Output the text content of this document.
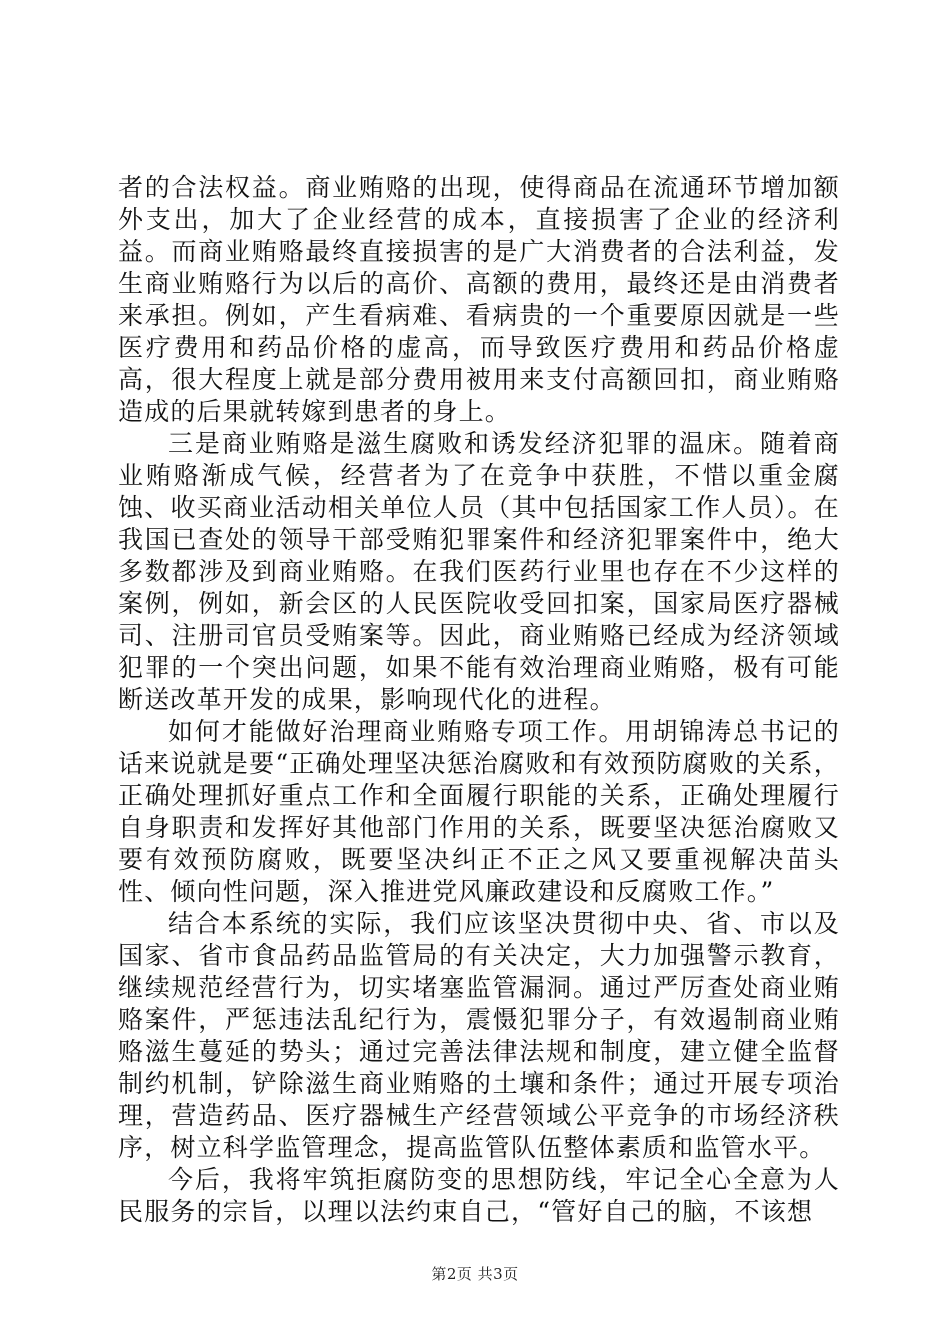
者的合法权益。商业贿赂的出现，使得商品在流通环节增加额外支出，加大了企业经营的成本，直接损害了企业的经济利益。而商业贿赂最终直接损害的是广大消费者的合法利益，发生商业贿赂行为以后的高价、高额的费用，最终还是由消费者来承担。例如，产生看病难、看病贵的一个重要原因就是一些医疗费用和药品价格的虚高，而导致医疗费用和药品价格虚高，很大程度上就是部分费用被用来支付高额回扣，商业贿赂造成的后果就转嫁到患者的身上。

三是商业贿赂是滋生腐败和诱发经济犯罪的温床。随着商业贿赂渐成气候，经营者为了在竞争中获胜，不惜以重金腐蚀、收买商业活动相关单位人员（其中包括国家工作人员）。在我国已查处的领导干部受贿犯罪案件和经济犯罪案件中，绝大多数都涉及到商业贿赂。在我们医药行业里也存在不少这样的案例，例如，新会区的人民医院收受回扣案，国家局医疗器械司、注册司官员受贿案等。因此，商业贿赂已经成为经济领域犯罪的一个突出问题，如果不能有效治理商业贿赂，极有可能断送改革开发的成果，影响现代化的进程。

如何才能做好治理商业贿赂专项工作。用胡锦涛总书记的话来说就是要“正确处理坚决惩治腐败和有效预防腐败的关系，正确处理抓好重点工作和全面履行职能的关系，正确处理履行自身职责和发挥好其他部门作用的关系，既要坚决惩治腐败又要有效预防腐败，既要坚决纠正不正之风又要重视解决苗头性、倾向性问题，深入推进党风廉政建设和反腐败工作。”

结合本系统的实际，我们应该坚决贯彻中央、省、市以及国家、省市食品药品监管局的有关决定，大力加强警示教育，继续规范经营行为，切实堵塞监管漏洞。通过严厉查处商业贿赂案件，严惩违法乱纪行为，震慑犯罪分子，有效遏制商业贿赂滋生蔓延的势头；通过完善法律法规和制度，建立健全监督制约机制，铲除滋生商业贿赂的土壤和条件；通过开展专项治理，营造药品、医疗器械生产经营领域公平竞争的市场经济秩序，树立科学监管理念，提高监管队伍整体素质和监管水平。

今后，我将牢筑拒腐防变的思想防线，牢记全心全意为人民服务的宗旨，以理以法约束自己，“管好自己的脑，不该想

第2页 共3页
